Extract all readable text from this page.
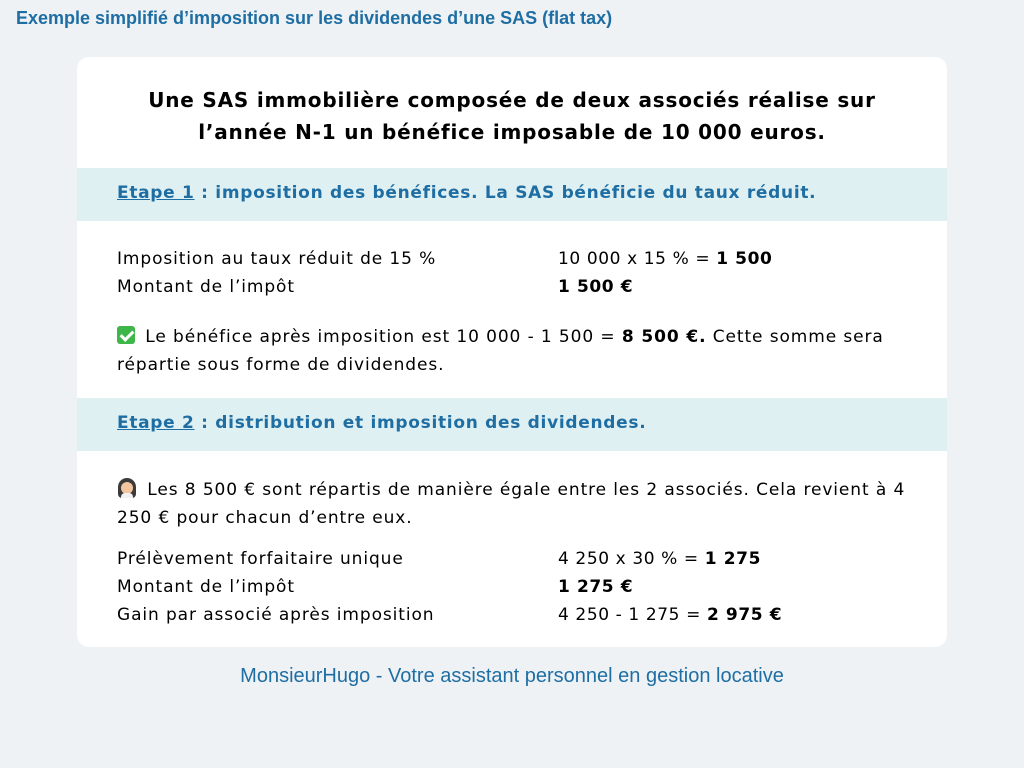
Exemple simplifié d’imposition sur les dividendes d’une SAS (flat tax)
Une SAS immobilière composée de deux associés réalise sur
l’année N-1 un bénéfice imposable de 10 000 euros.
Etape 1 : imposition des bénéfices. La SAS bénéficie du taux réduit.
Imposition au taux réduit de 15 %	10 000 x 15 % = 1 500
Montant de l’impôt	1 500 €
Le bénéfice après imposition est 10 000 - 1 500 = 8 500 €. Cette somme sera répartie sous forme de dividendes.
Etape 2 : distribution et imposition des dividendes.
Les 8 500 € sont répartis de manière égale entre les 2 associés. Cela revient à 4 250 € pour chacun d’entre eux.
Prélèvement forfaitaire unique	4 250 x 30 % = 1 275
Montant de l’impôt	1 275 €
Gain par associé après imposition	4 250 - 1 275 = 2 975 €
MonsieurHugo - Votre assistant personnel en gestion locative
